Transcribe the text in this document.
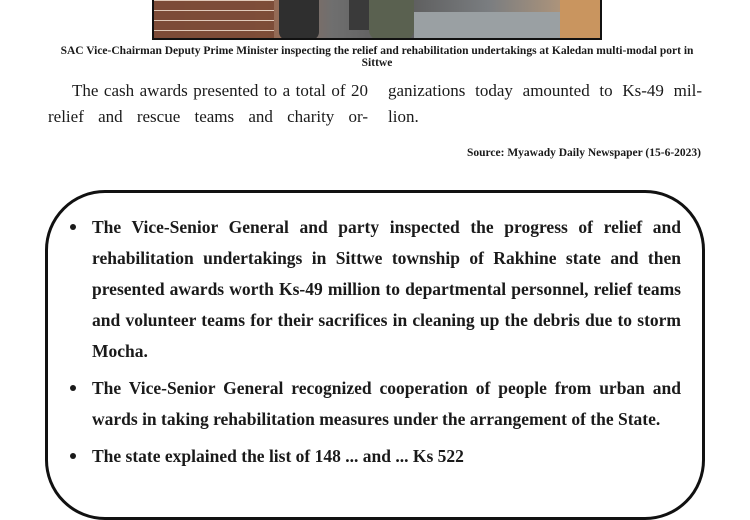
SAC Vice-Chairman Deputy Prime Minister inspecting the relief and rehabilitation undertakings at Kaledan multi-modal port in Sittwe
The cash awards presented to a total of 20 relief and rescue teams and charity or-
ganizations today amounted to Ks-49 mil-
lion.
Source: Myawady Daily Newspaper (15-6-2023)
The Vice-Senior General and party inspected the progress of relief and rehabilitation undertakings in Sittwe township of Rakhine state and then presented awards worth Ks-49 million to departmental personnel, relief teams and volunteer teams for their sacrifices in cleaning up the debris due to storm Mocha.
The Vice-Senior General recognized cooperation of people from urban and wards in taking rehabilitation measures under the arrangement of the State.
The state explained the list of 148 ... and ... Ks 522
